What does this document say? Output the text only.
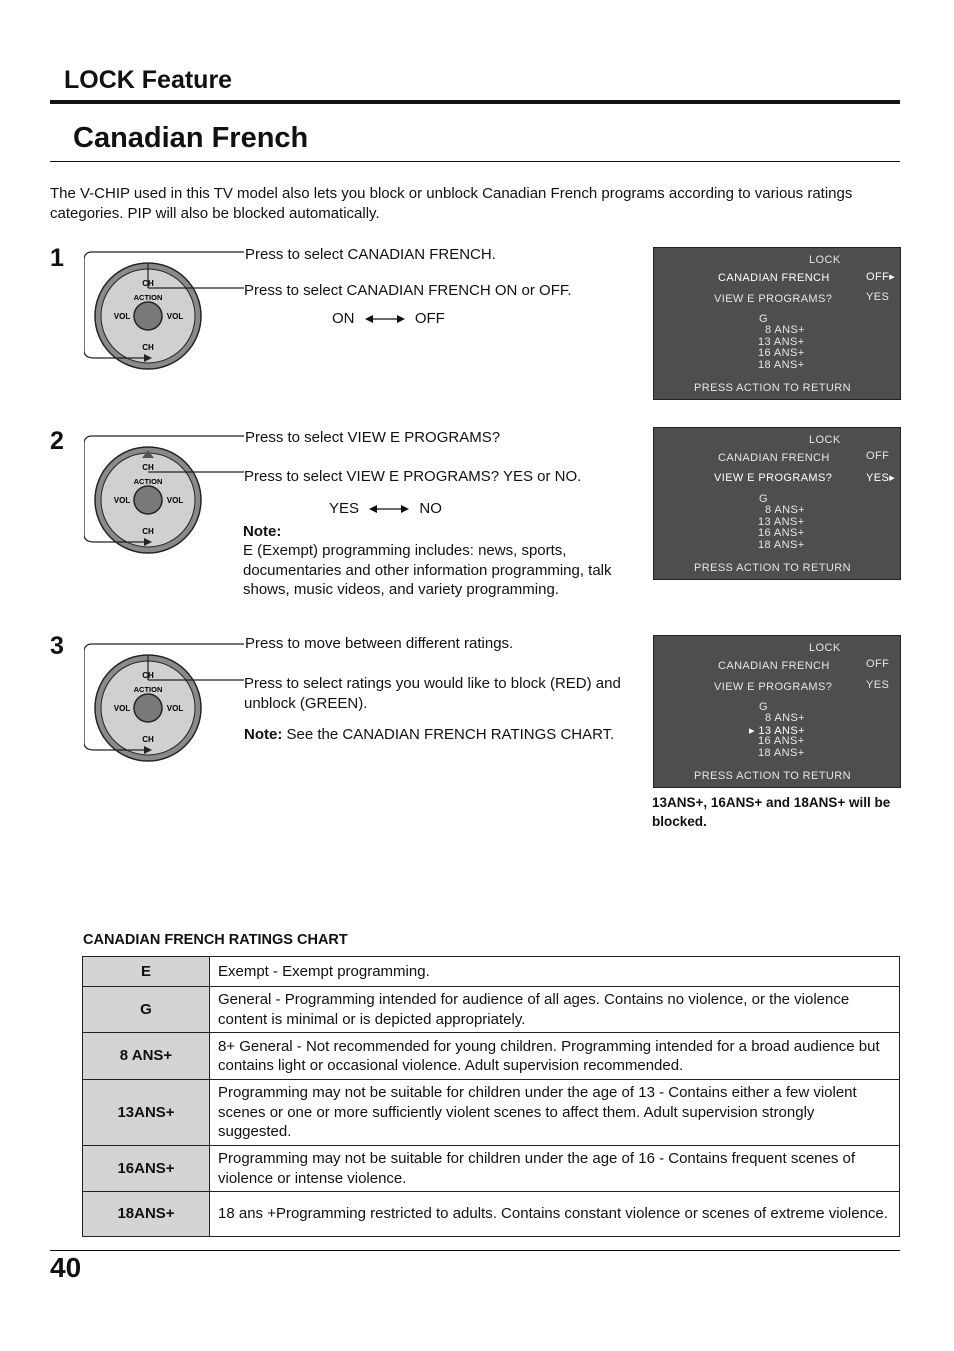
LOCK Feature
Canadian French
The V-CHIP used in this TV model also lets you block or unblock Canadian French programs according to various ratings categories. PIP will also be blocked automatically.
1
CH
CH
VOL	VOL
ACTION
Press to select CANADIAN FRENCH.
Press to select CANADIAN FRENCH ON or OFF.
ON	OFF
LOCK
CANADIAN FRENCH	OFF▸
VIEW E PROGRAMS?	YES
G
8 ANS+
13 ANS+
16 ANS+
18 ANS+
PRESS ACTION TO RETURN
2
CH
CH
VOL	VOL
ACTION
Press to select VIEW E PROGRAMS?
Press to select VIEW E PROGRAMS? YES or NO.
YES	NO
Note:
E (Exempt) programming includes: news, sports, documentaries and other information programming, talk shows, music videos, and variety programming.
LOCK
CANADIAN FRENCH	OFF
VIEW E PROGRAMS?	YES▸
G
8 ANS+
13 ANS+
16 ANS+
18 ANS+
PRESS ACTION TO RETURN
3
CH
CH
VOL	VOL
ACTION
Press to move between different ratings.
Press to select ratings you would like to block (RED) and unblock (GREEN).
Note: See the CANADIAN FRENCH RATINGS CHART.
LOCK
CANADIAN FRENCH	OFF
VIEW E PROGRAMS?	YES
G
8 ANS+
▸ 13 ANS+
16 ANS+
18 ANS+
PRESS ACTION TO RETURN
13ANS+, 16ANS+ and 18ANS+ will be blocked.
CANADIAN FRENCH RATINGS CHART
E	Exempt - Exempt programming.
G	General - Programming intended for audience of all ages. Contains no violence, or the violence content is minimal or is depicted appropriately.
8 ANS+	8+ General - Not recommended for young children. Programming intended for a broad audience but contains light or occasional violence. Adult supervision recommended.
13ANS+	Programming may not be suitable for children under the age of 13 - Contains either a few violent scenes or one or more sufficiently violent scenes to affect them. Adult supervision strongly suggested.
16ANS+	Programming may not be suitable for children under the age of 16 - Contains frequent scenes of violence or intense violence.
18ANS+	18 ans +Programming restricted to adults. Contains constant violence or scenes of extreme violence.
40
